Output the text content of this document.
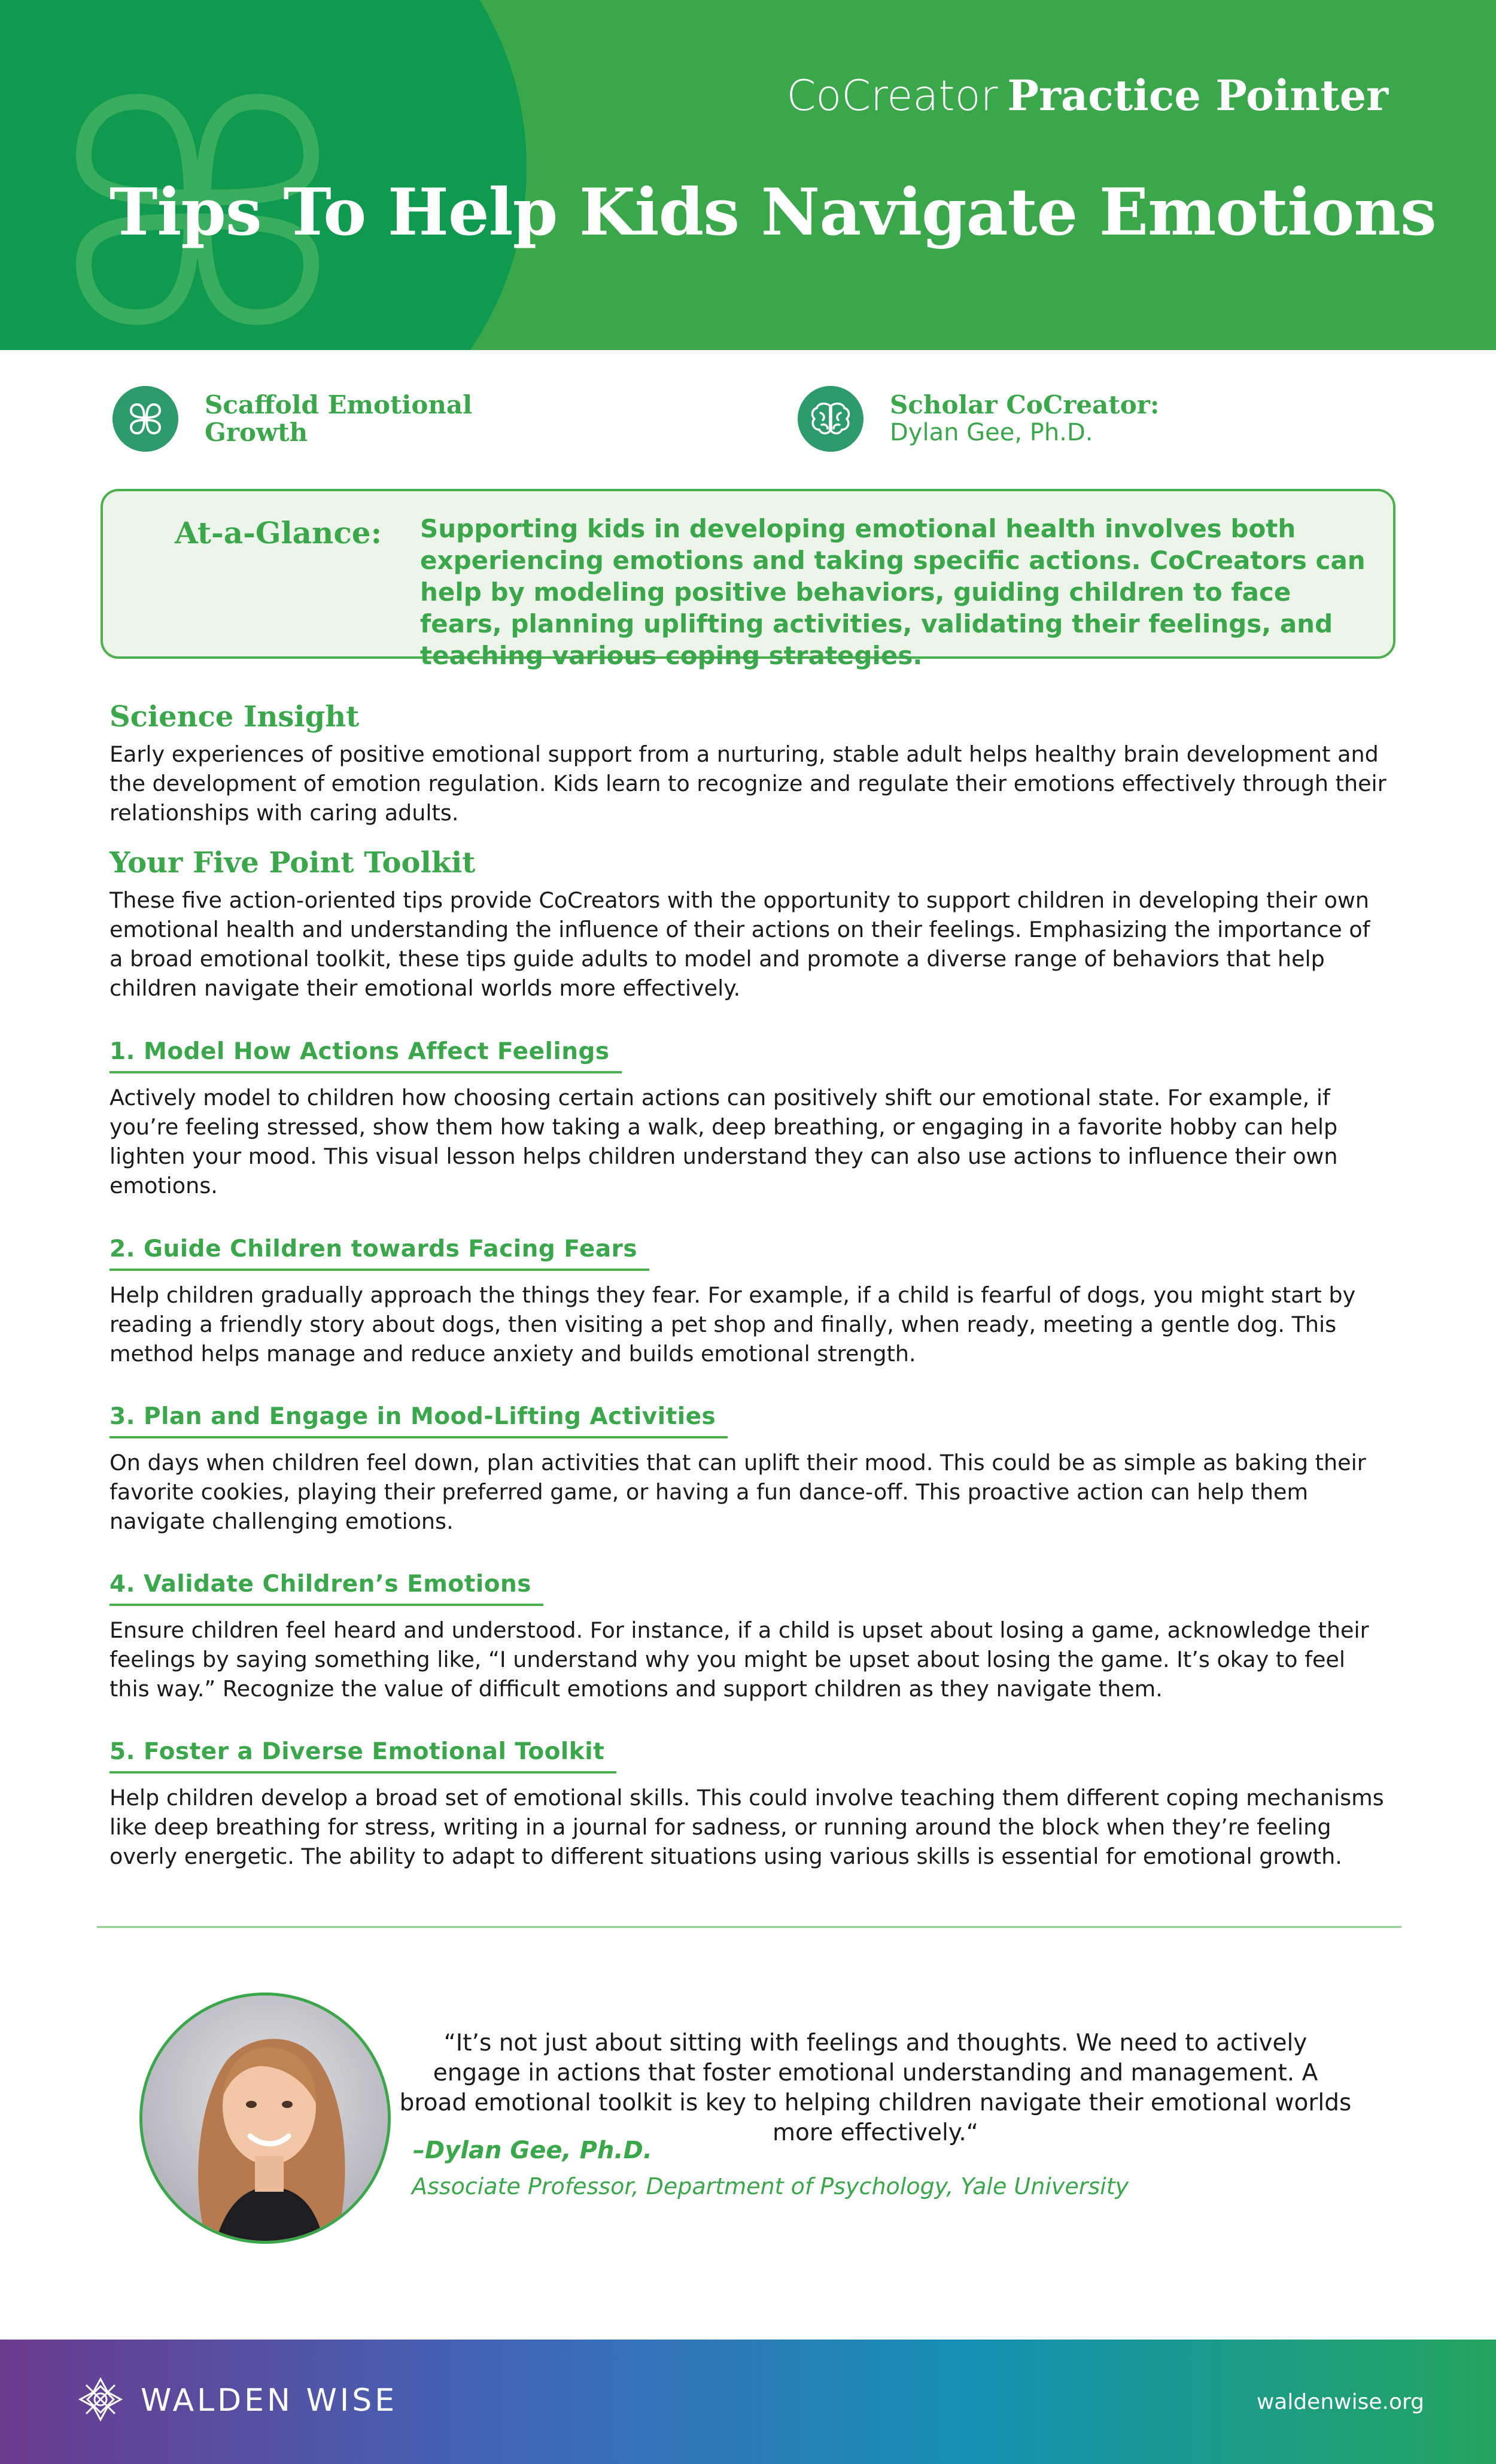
CoCreator Practice Pointer
Tips To Help Kids Navigate Emotions
Scaffold Emotional
Growth
Scholar CoCreator:
Dylan Gee, Ph.D.
At-a-Glance: Supporting kids in developing emotional health involves both experiencing emotions and taking specific actions. CoCreators can help by modeling positive behaviors, guiding children to face fears, planning uplifting activities, validating their feelings, and teaching various coping strategies.
Science Insight

Early experiences of positive emotional support from a nurturing, stable adult helps healthy brain development and the development of emotion regulation. Kids learn to recognize and regulate their emotions effectively through their relationships with caring adults.

Your Five Point Toolkit

These five action-oriented tips provide CoCreators with the opportunity to support children in developing their own emotional health and understanding the influence of their actions on their feelings. Emphasizing the importance of a broad emotional toolkit, these tips guide adults to model and promote a diverse range of behaviors that help children navigate their emotional worlds more effectively.

1. Model How Actions Affect Feelings

Actively model to children how choosing certain actions can positively shift our emotional state. For example, if you’re feeling stressed, show them how taking a walk, deep breathing, or engaging in a favorite hobby can help lighten your mood. This visual lesson helps children understand they can also use actions to influence their own emotions.

2. Guide Children towards Facing Fears

Help children gradually approach the things they fear. For example, if a child is fearful of dogs, you might start by reading a friendly story about dogs, then visiting a pet shop and finally, when ready, meeting a gentle dog. This method helps manage and reduce anxiety and builds emotional strength.

3. Plan and Engage in Mood-Lifting Activities

On days when children feel down, plan activities that can uplift their mood. This could be as simple as baking their favorite cookies, playing their preferred game, or having a fun dance-off. This proactive action can help them navigate challenging emotions.

4. Validate Children’s Emotions

Ensure children feel heard and understood. For instance, if a child is upset about losing a game, acknowledge their feelings by saying something like, “I understand why you might be upset about losing the game. It’s okay to feel this way.” Recognize the value of difficult emotions and support children as they navigate them.

5. Foster a Diverse Emotional Toolkit

Help children develop a broad set of emotional skills. This could involve teaching them different coping mechanisms like deep breathing for stress, writing in a journal for sadness, or running around the block when they’re feeling overly energetic. The ability to adapt to different situations using various skills is essential for emotional growth.

“It’s not just about sitting with feelings and thoughts. We need to actively engage in actions that foster emotional understanding and management. A broad emotional toolkit is key to helping children navigate their emotional worlds more effectively.“

–Dylan Gee, Ph.D.
Associate Professor, Department of Psychology, Yale University
WALDEN WISE	waldenwise.org
